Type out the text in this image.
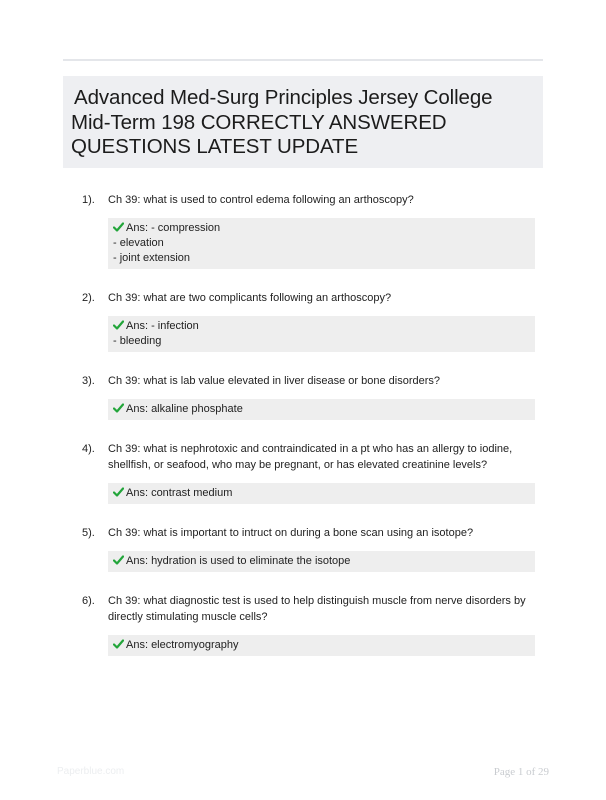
Advanced Med-Surg Principles Jersey College
Mid-Term 198 CORRECTLY ANSWERED
QUESTIONS LATEST UPDATE
1). Ch 39: what is used to control edema following an arthoscopy?
Ans: - compression
- elevation
- joint extension
2). Ch 39: what are two complicants following an arthoscopy?
Ans: - infection
- bleeding
3). Ch 39: what is lab value elevated in liver disease or bone disorders?
Ans: alkaline phosphate
4). Ch 39: what is nephrotoxic and contraindicated in a pt who has an allergy to iodine,
shellfish, or seafood, who may be pregnant, or has elevated creatinine levels?
Ans: contrast medium
5). Ch 39: what is important to intruct on during a bone scan using an isotope?
Ans: hydration is used to eliminate the isotope
6). Ch 39: what diagnostic test is used to help distinguish muscle from nerve disorders by
directly stimulating muscle cells?
Ans: electromyography
Paperblue.com	Page 1 of 29
